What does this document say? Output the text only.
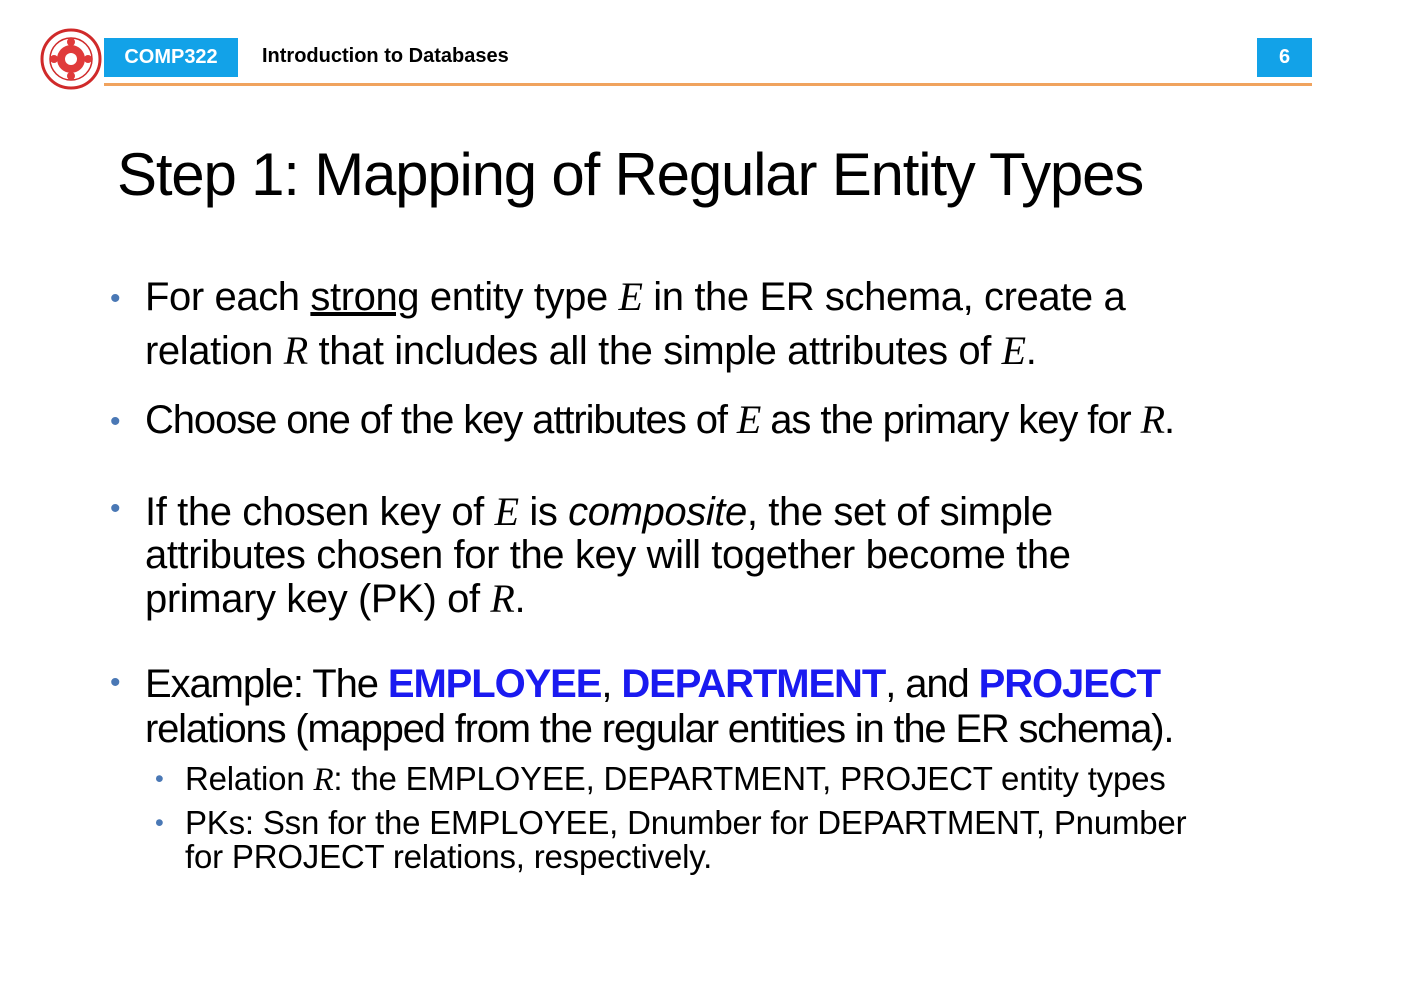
COMP322	Introduction to Databases	6
Step 1: Mapping of Regular Entity Types
• For each strong entity type E in the ER schema, create a
relation R that includes all the simple attributes of E.
• Choose one of the key attributes of E as the primary key for R.
• If the chosen key of E is composite, the set of simple
attributes chosen for the key will together become the
primary key (PK) of R.
• Example: The EMPLOYEE, DEPARTMENT, and PROJECT
relations (mapped from the regular entities in the ER schema).
• Relation R: the EMPLOYEE, DEPARTMENT, PROJECT entity types
• PKs: Ssn for the EMPLOYEE, Dnumber for DEPARTMENT, Pnumber
for PROJECT relations, respectively.
